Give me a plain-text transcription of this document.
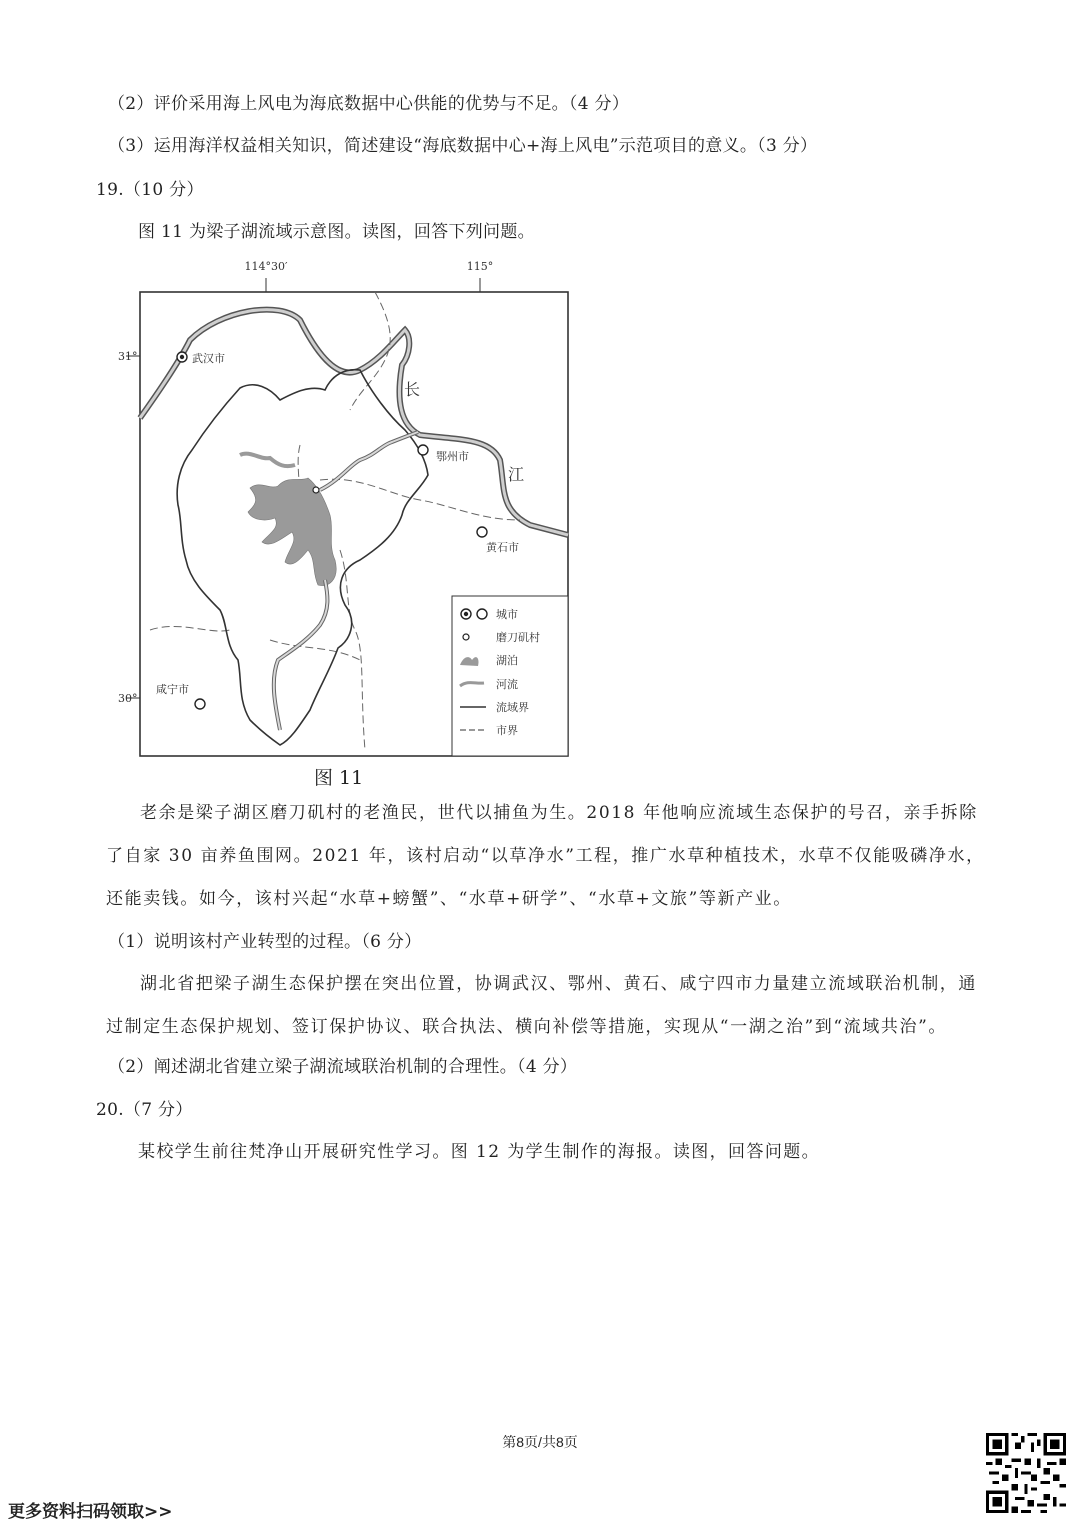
（2）评价采用海上风电为海底数据中心供能的优势与不足。（4 分）
（3）运用海洋权益相关知识，简述建设“海底数据中心+海上风电”示范项目的意义。（3 分）
19.（10 分）
图 11 为梁子湖流域示意图。读图，回答下列问题。
114°30′	115°
31°
30°
长
江
武汉市
鄂州市
黄石市
咸宁市
城市
磨刀矶村
湖泊
河流
流域界
市界
图 11
老余是梁子湖区磨刀矶村的老渔民，世代以捕鱼为生。2018 年他响应流域生态保护的号召，亲手拆除了自家 30 亩养鱼围网。2021 年，该村启动“以草净水”工程，推广水草种植技术，水草不仅能吸磷净水，还能卖钱。如今，该村兴起“水草+螃蟹”、“水草+研学”、“水草+文旅”等新产业。
（1）说明该村产业转型的过程。（6 分）
湖北省把梁子湖生态保护摆在突出位置，协调武汉、鄂州、黄石、咸宁四市力量建立流域联治机制，通过制定生态保护规划、签订保护协议、联合执法、横向补偿等措施，实现从“一湖之治”到“流域共治”。
（2）阐述湖北省建立梁子湖流域联治机制的合理性。（4 分）
20.（7 分）
某校学生前往梵净山开展研究性学习。图 12 为学生制作的海报。读图，回答问题。
第8页/共8页
更多资料扫码领取>>
